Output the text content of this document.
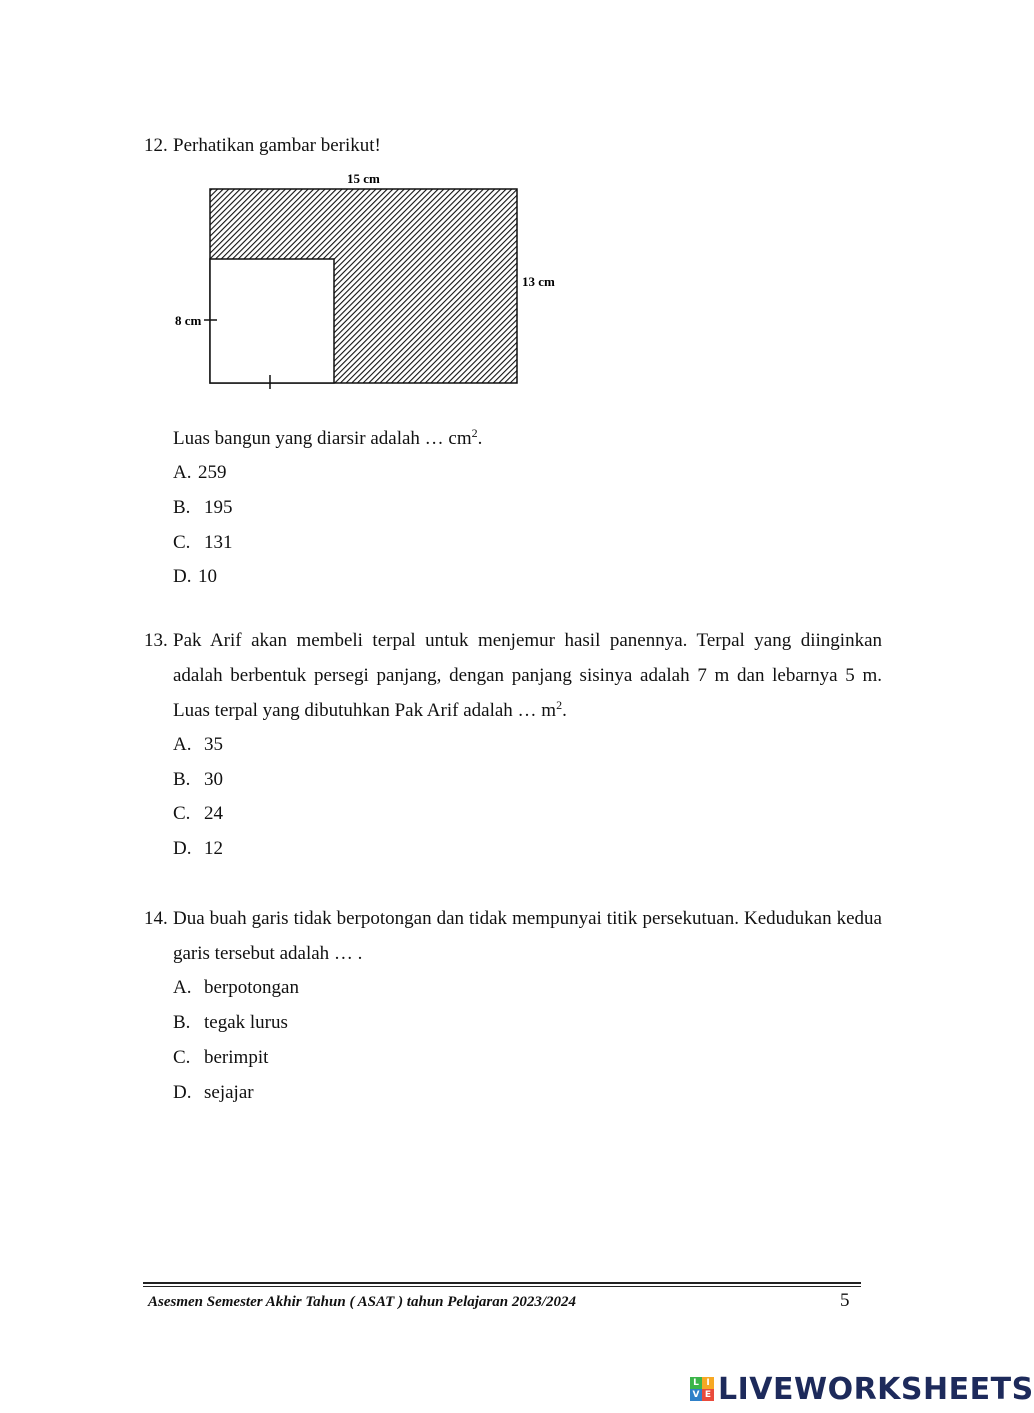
12. Perhatikan gambar berikut!
15 cm
13 cm
8 cm
Luas bangun yang diarsir adalah … $cm^2$.
A. 259
B. 195
C. 131
D. 10
13. Pak Arif akan membeli terpal untuk menjemur hasil panennya. Terpal yang diinginkan adalah berbentuk persegi panjang, dengan panjang sisinya adalah 7 m dan lebarnya 5 m. Luas terpal yang dibutuhkan Pak Arif adalah … $m^2$.
A. 35
B. 30
C. 24
D. 12
14. Dua buah garis tidak berpotongan dan tidak mempunyai titik persekutuan. Kedudukan kedua garis tersebut adalah … .
A. berpotongan
B. tegak lurus
C. berimpit
D. sejajar
Asesmen Semester Akhir Tahun ( ASAT ) tahun Pelajaran 2023/2024	5
L I
V E LIVEWORKSHEETS
